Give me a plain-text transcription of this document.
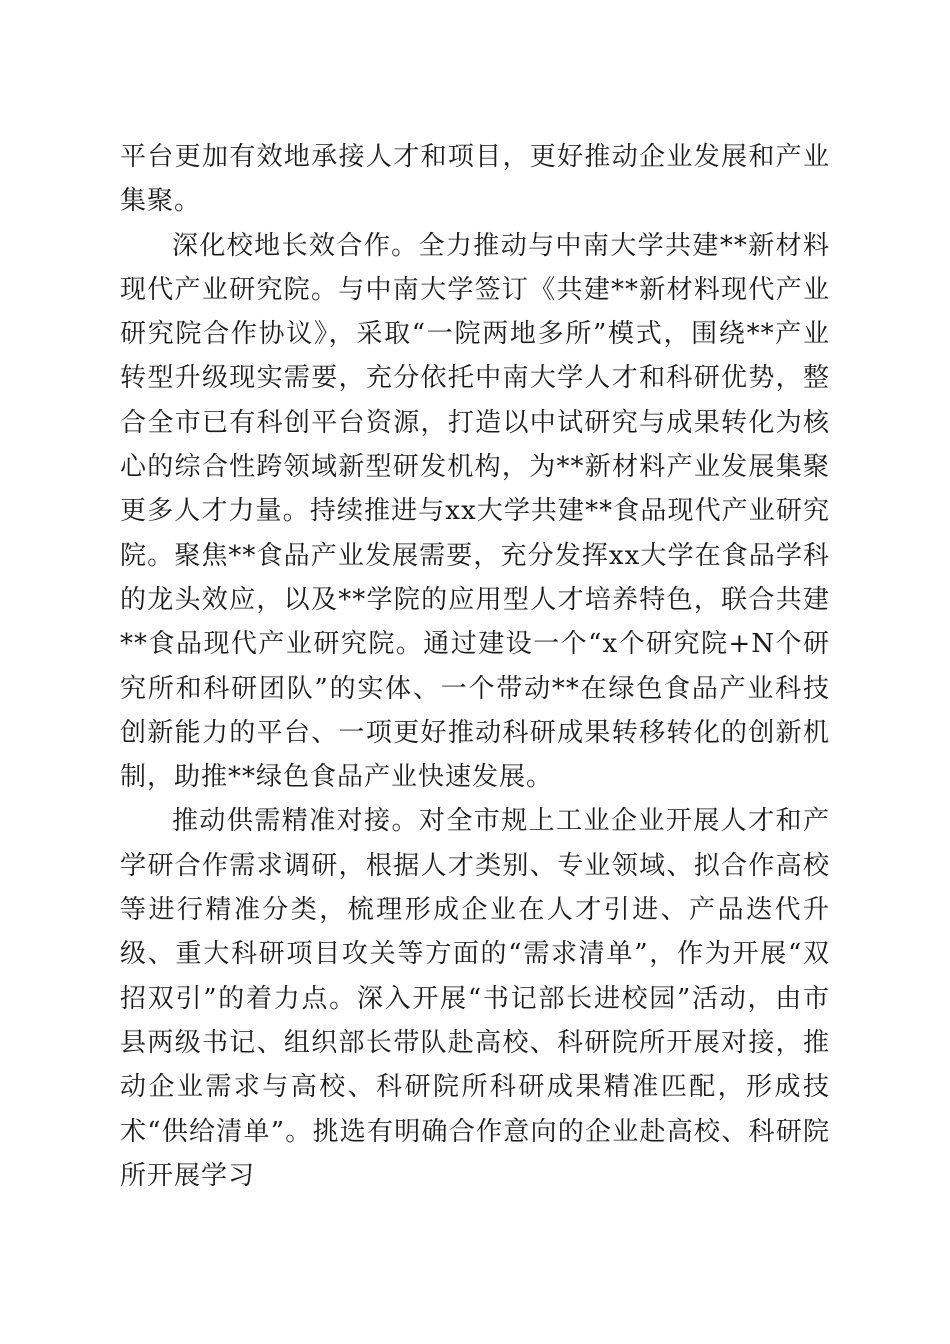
平台更加有效地承接人才和项目，更好推动企业发展和产业集聚。

深化校地长效合作。全力推动与中南大学共建**新材料现代产业研究院。与中南大学签订《共建**新材料现代产业研究院合作协议》，采取“一院两地多所”模式，围绕**产业转型升级现实需要，充分依托中南大学人才和科研优势，整合全市已有科创平台资源，打造以中试研究与成果转化为核心的综合性跨领域新型研发机构，为**新材料产业发展集聚更多人才力量。持续推进与xx大学共建**食品现代产业研究院。聚焦**食品产业发展需要，充分发挥xx大学在食品学科的龙头效应，以及**学院的应用型人才培养特色，联合共建**食品现代产业研究院。通过建设一个“x个研究院+N个研究所和科研团队”的实体、一个带动**在绿色食品产业科技创新能力的平台、一项更好推动科研成果转移转化的创新机制，助推**绿色食品产业快速发展。

推动供需精准对接。对全市规上工业企业开展人才和产学研合作需求调研，根据人才类别、专业领域、拟合作高校等进行精准分类，梳理形成企业在人才引进、产品迭代升级、重大科研项目攻关等方面的“需求清单”，作为开展“双招双引”的着力点。深入开展“书记部长进校园”活动，由市县两级书记、组织部长带队赴高校、科研院所开展对接，推动企业需求与高校、科研院所科研成果精准匹配，形成技术“供给清单”。挑选有明确合作意向的企业赴高校、科研院所开展学习
